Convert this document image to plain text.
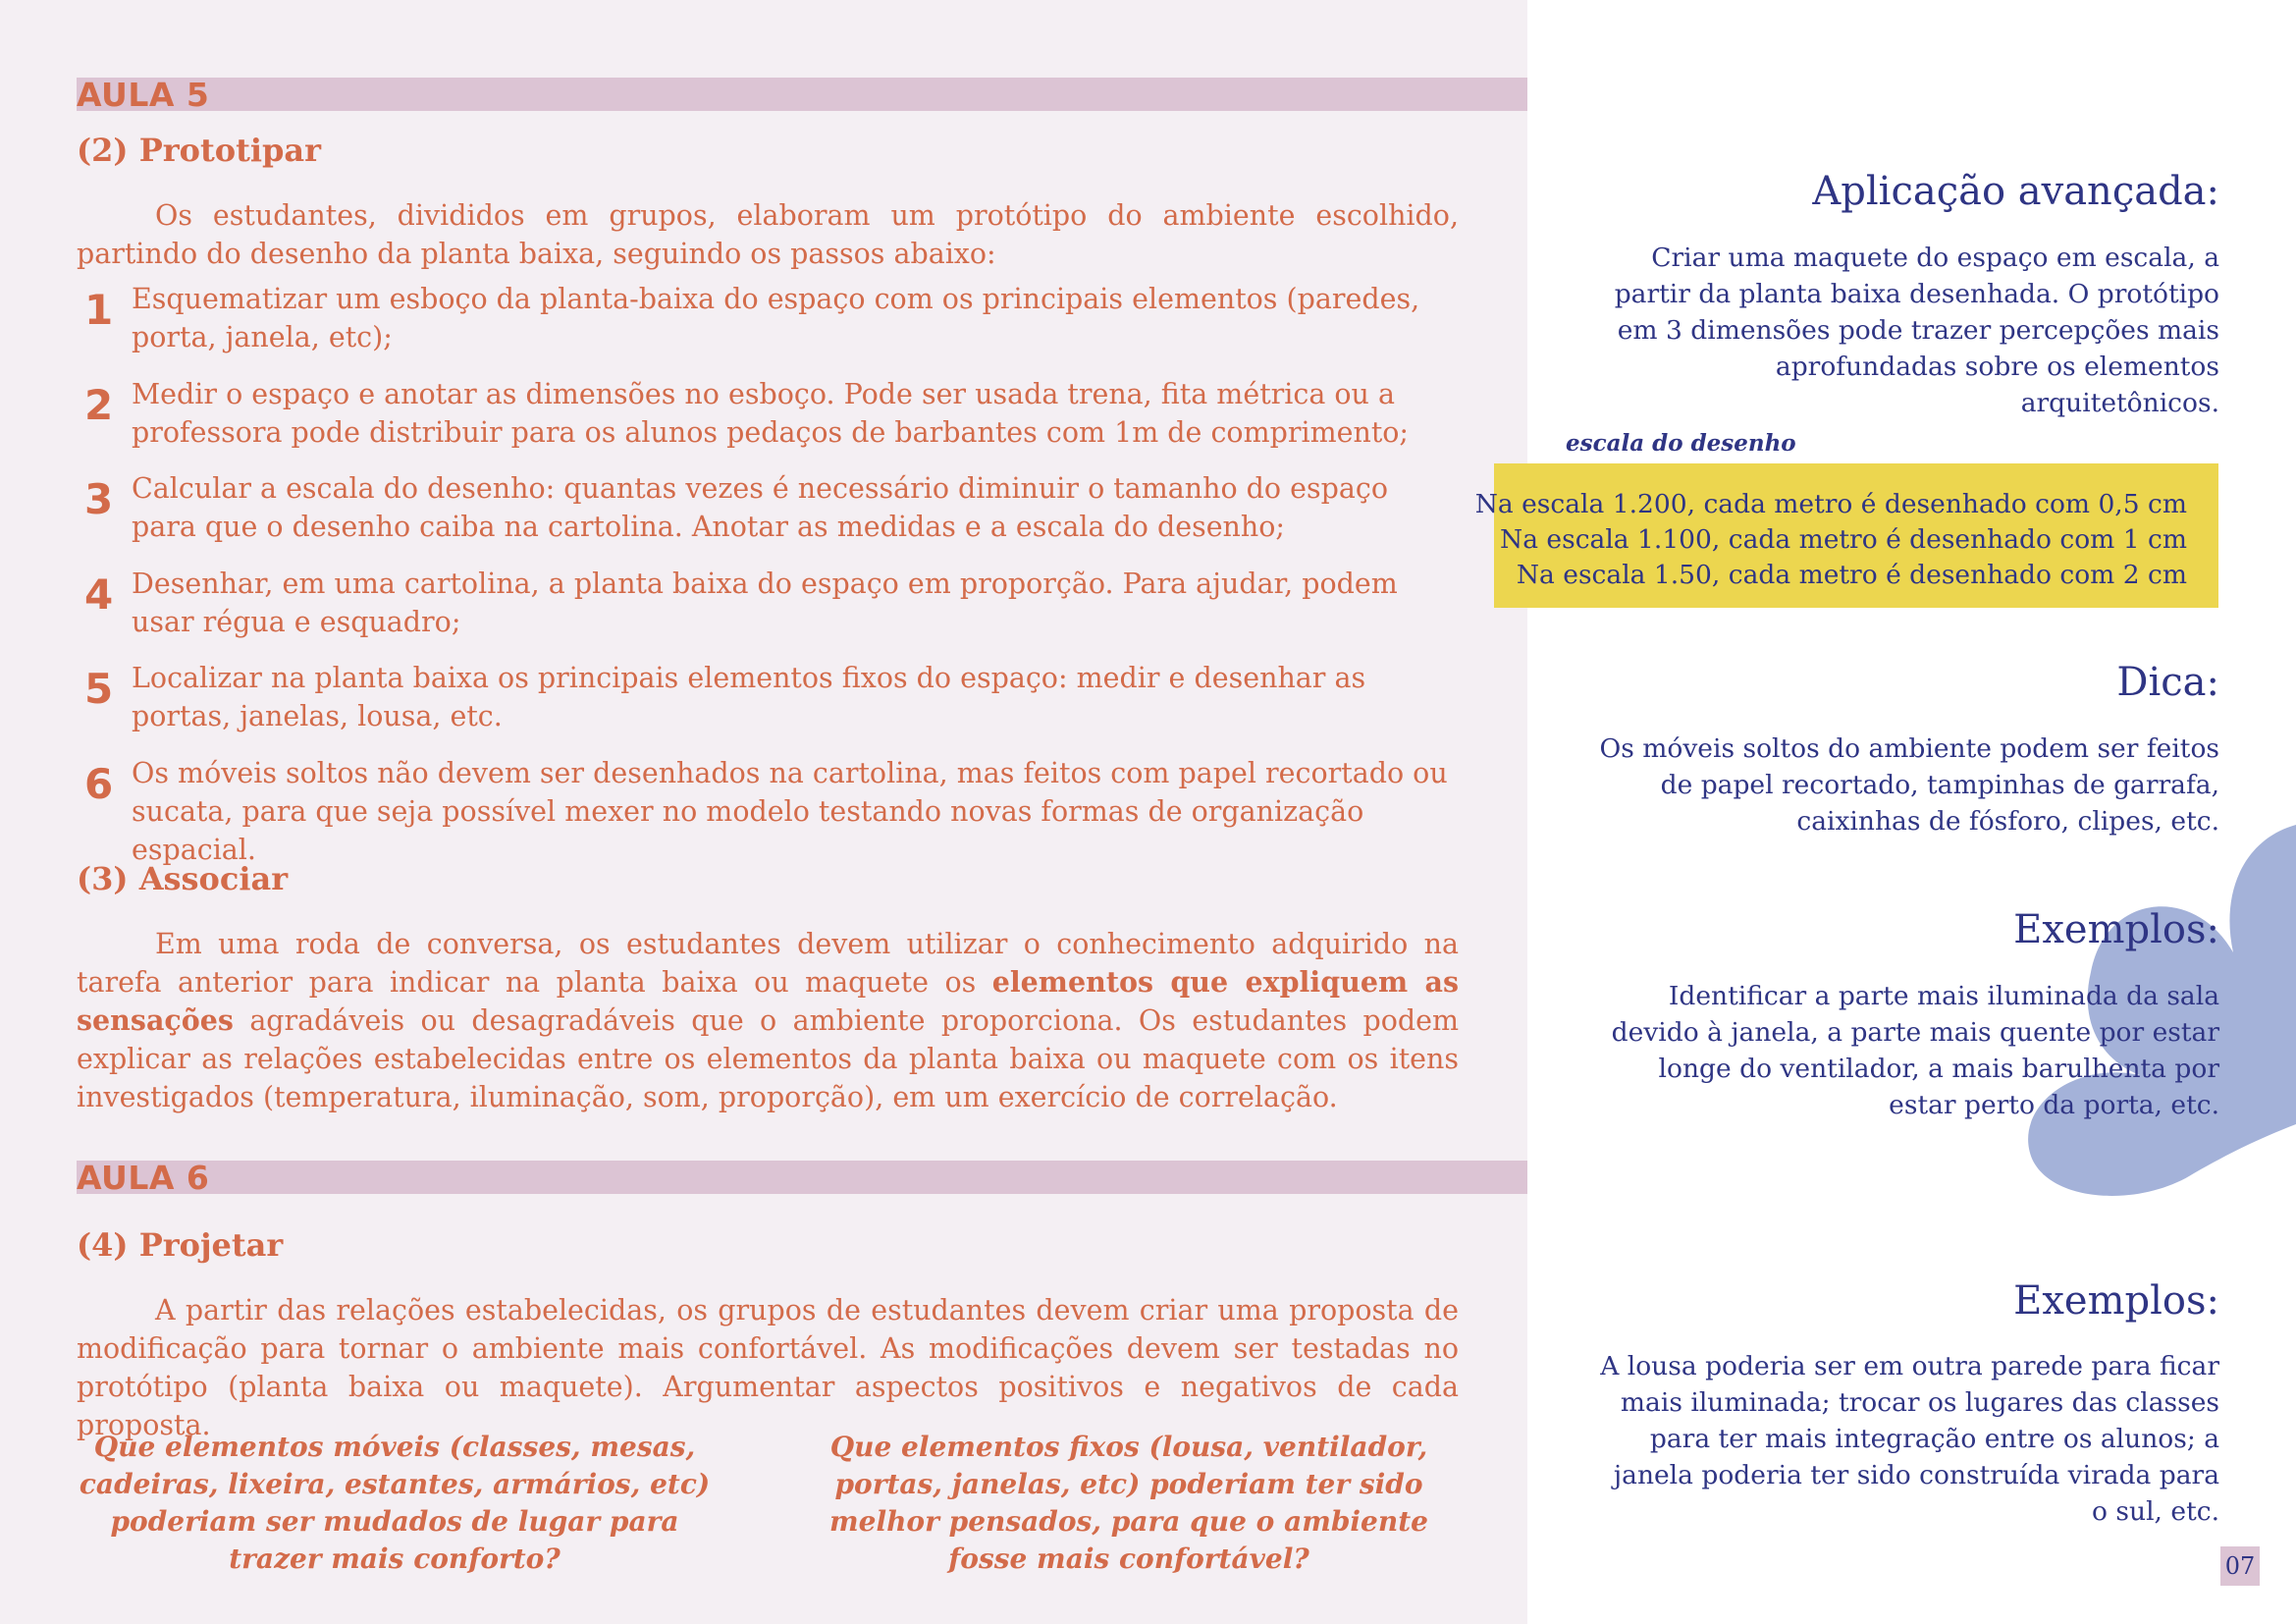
AULA 5
(2) Prototipar

Os estudantes, divididos em grupos, elaboram um protótipo do ambiente escolhido, partindo do desenho da planta baixa, seguindo os passos abaixo:

1 Esquematizar um esboço da planta-baixa do espaço com os principais elementos (paredes, porta, janela, etc);
2 Medir o espaço e anotar as dimensões no esboço. Pode ser usada trena, fita métrica ou a professora pode distribuir para os alunos pedaços de barbantes com 1m de comprimento;
3 Calcular a escala do desenho: quantas vezes é necessário diminuir o tamanho do espaço para que o desenho caiba na cartolina. Anotar as medidas e a escala do desenho;
4 Desenhar, em uma cartolina, a planta baixa do espaço em proporção. Para ajudar, podem usar régua e esquadro;
5 Localizar na planta baixa os principais elementos fixos do espaço: medir e desenhar as portas, janelas, lousa, etc.
6 Os móveis soltos não devem ser desenhados na cartolina, mas feitos com papel recortado ou sucata, para que seja possível mexer no modelo testando novas formas de organização espacial.
(3) Associar

Em uma roda de conversa, os estudantes devem utilizar o conhecimento adquirido na tarefa anterior para indicar na planta baixa ou maquete os elementos que expliquem as sensações agradáveis ou desagradáveis que o ambiente proporciona. Os estudantes podem explicar as relações estabelecidas entre os elementos da planta baixa ou maquete com os itens investigados (temperatura, iluminação, som, proporção), em um exercício de correlação.

AULA 6
(4) Projetar

A partir das relações estabelecidas, os grupos de estudantes devem criar uma proposta de modificação para tornar o ambiente mais confortável. As modificações devem ser testadas no protótipo (planta baixa ou maquete). Argumentar aspectos positivos e negativos de cada proposta.

Que elementos móveis (classes, mesas, cadeiras, lixeira, estantes, armários, etc) poderiam ser mudados de lugar para trazer mais conforto?

Que elementos fixos (lousa, ventilador, portas, janelas, etc) poderiam ter sido melhor pensados, para que o ambiente fosse mais confortável?

Aplicação avançada:

Criar uma maquete do espaço em escala, a partir da planta baixa desenhada. O protótipo em 3 dimensões pode trazer percepções mais aprofundadas sobre os elementos arquitetônicos.

escala do desenho
Na escala 1.200, cada metro é desenhado com 0,5 cm
Na escala 1.100, cada metro é desenhado com 1 cm
Na escala 1.50, cada metro é desenhado com 2 cm
Dica:

Os móveis soltos do ambiente podem ser feitos de papel recortado, tampinhas de garrafa, caixinhas de fósforo, clipes, etc.

Exemplos:

Identificar a parte mais iluminada da sala devido à janela, a parte mais quente por estar longe do ventilador, a mais barulhenta por estar perto da porta, etc.

Exemplos:

A lousa poderia ser em outra parede para ficar mais iluminada; trocar os lugares das classes para ter mais integração entre os alunos; a janela poderia ter sido construída virada para o sul, etc.

07
